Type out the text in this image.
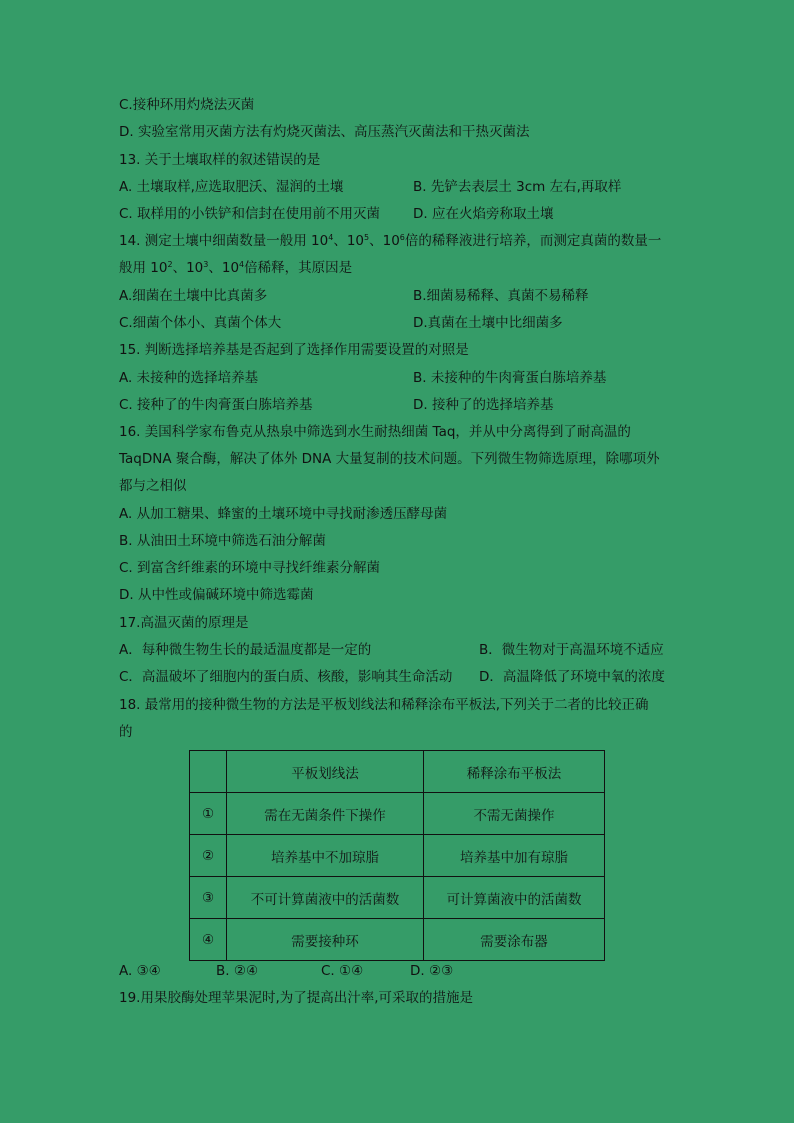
C.接种环用灼烧法灭菌
D. 实验室常用灭菌方法有灼烧灭菌法、高压蒸汽灭菌法和干热灭菌法
13. 关于土壤取样的叙述错误的是
A. 土壤取样,应选取肥沃、湿润的土壤	B. 先铲去表层土 3cm 左右,再取样
C. 取样用的小铁铲和信封在使用前不用灭菌 D. 应在火焰旁称取土壤
14. 测定土壤中细菌数量一般用 $10^4$、$10^5$、$10^6$倍的稀释液进行培养，而测定真菌的数量一
般用 $10^2$、$10^3$、$10^4$倍稀释，其原因是
A.细菌在土壤中比真菌多	B.细菌易稀释、真菌不易稀释
C.细菌个体小、真菌个体大	D.真菌在土壤中比细菌多
15. 判断选择培养基是否起到了选择作用需要设置的对照是
A. 未接种的选择培养基	B. 未接种的牛肉膏蛋白胨培养基
C. 接种了的牛肉膏蛋白胨培养基	D. 接种了的选择培养基
16. 美国科学家布鲁克从热泉中筛选到水生耐热细菌 Taq，并从中分离得到了耐高温的
TaqDNA 聚合酶，解决了体外 DNA 大量复制的技术问题。下列微生物筛选原理，除哪项外
都与之相似
A. 从加工糖果、蜂蜜的土壤环境中寻找耐渗透压酵母菌
B. 从油田土环境中筛选石油分解菌
C. 到富含纤维素的环境中寻找纤维素分解菌
D. 从中性或偏碱环境中筛选霉菌
17.高温灭菌的原理是
A．每种微生物生长的最适温度都是一定的	B．微生物对于高温环境不适应
C．高温破坏了细胞内的蛋白质、核酸，影响其生命活动 D．高温降低了环境中氧的浓度
18. 最常用的接种微生物的方法是平板划线法和稀释涂布平板法,下列关于二者的比较正确
的
	平板划线法	稀释涂布平板法
①	需在无菌条件下操作	不需无菌操作
②	培养基中不加琼脂	培养基中加有琼脂
③	不可计算菌液中的活菌数	可计算菌液中的活菌数
④	需要接种环	需要涂布器
A. ③④	B. ②④	C. ①④	D. ②③
19.用果胶酶处理苹果泥时,为了提高出汁率,可采取的措施是
